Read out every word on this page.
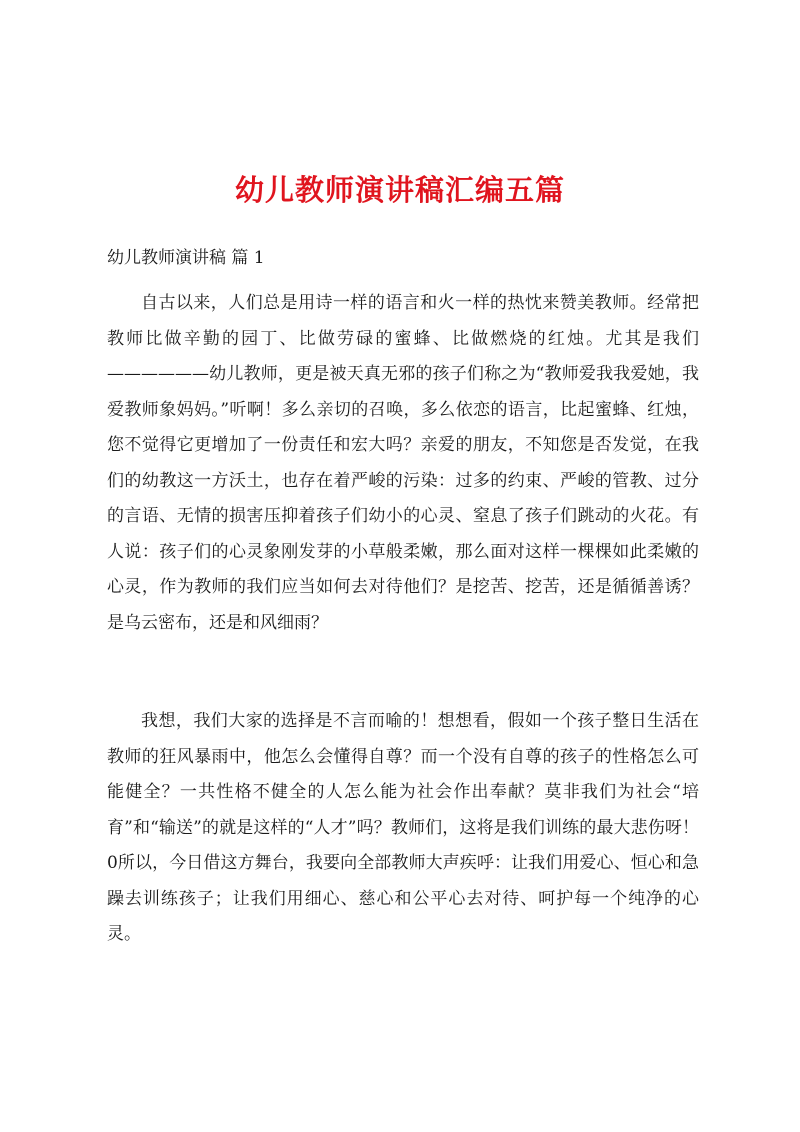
幼儿教师演讲稿汇编五篇

幼儿教师演讲稿 篇 1

自古以来，人们总是用诗一样的语言和火一样的热忱来赞美教师。经常把教师比做辛勤的园丁、比做劳碌的蜜蜂、比做燃烧的红烛。尤其是我们——————幼儿教师，更是被天真无邪的孩子们称之为“教师爱我我爱她，我爱教师象妈妈。”听啊！多么亲切的召唤，多么依恋的语言，比起蜜蜂、红烛，您不觉得它更增加了一份责任和宏大吗？亲爱的朋友，不知您是否发觉，在我们的幼教这一方沃土，也存在着严峻的污染：过多的约束、严峻的管教、过分的言语、无情的损害压抑着孩子们幼小的心灵、窒息了孩子们跳动的火花。有人说：孩子们的心灵象刚发芽的小草般柔嫩，那么面对这样一棵棵如此柔嫩的心灵，作为教师的我们应当如何去对待他们？是挖苦、挖苦，还是循循善诱？是乌云密布，还是和风细雨？

我想，我们大家的选择是不言而喻的！想想看，假如一个孩子整日生活在教师的狂风暴雨中，他怎么会懂得自尊？而一个没有自尊的孩子的性格怎么可能健全？一共性格不健全的人怎么能为社会作出奉献？莫非我们为社会“培育”和“输送”的就是这样的“人才”吗？教师们，这将是我们训练的最大悲伤呀！0所以，今日借这方舞台，我要向全部教师大声疾呼：让我们用爱心、恒心和急躁去训练孩子；让我们用细心、慈心和公平心去对待、呵护每一个纯净的心灵。
